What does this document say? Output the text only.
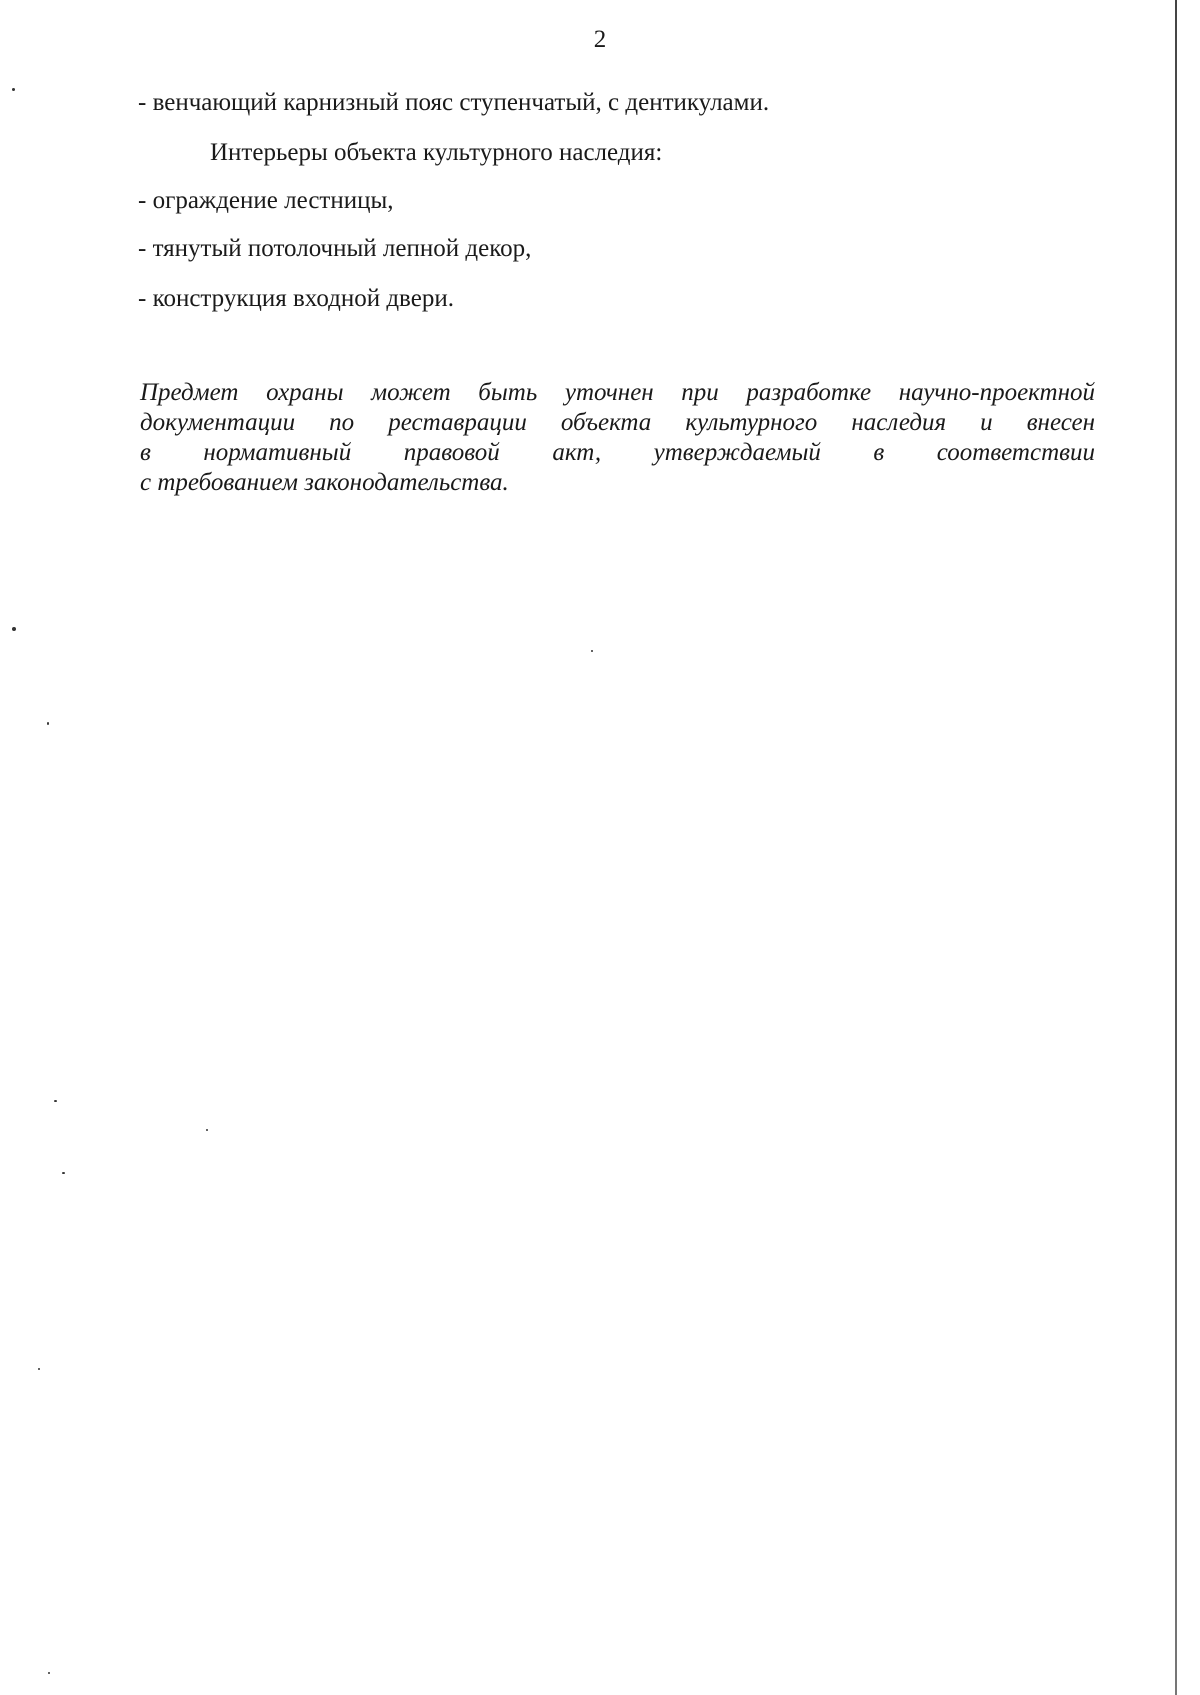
2
- венчающий карнизный пояс ступенчатый, с дентикулами.
Интерьеры объекта культурного наследия:
- ограждение лестницы,
- тянутый потолочный лепной декор,
- конструкция входной двери.
Предмет охраны может быть уточнен при разработке научно-проектной
документации по реставрации объекта культурного наследия и внесен
в нормативный правовой акт, утверждаемый в соответствии
с требованием законодательства.
